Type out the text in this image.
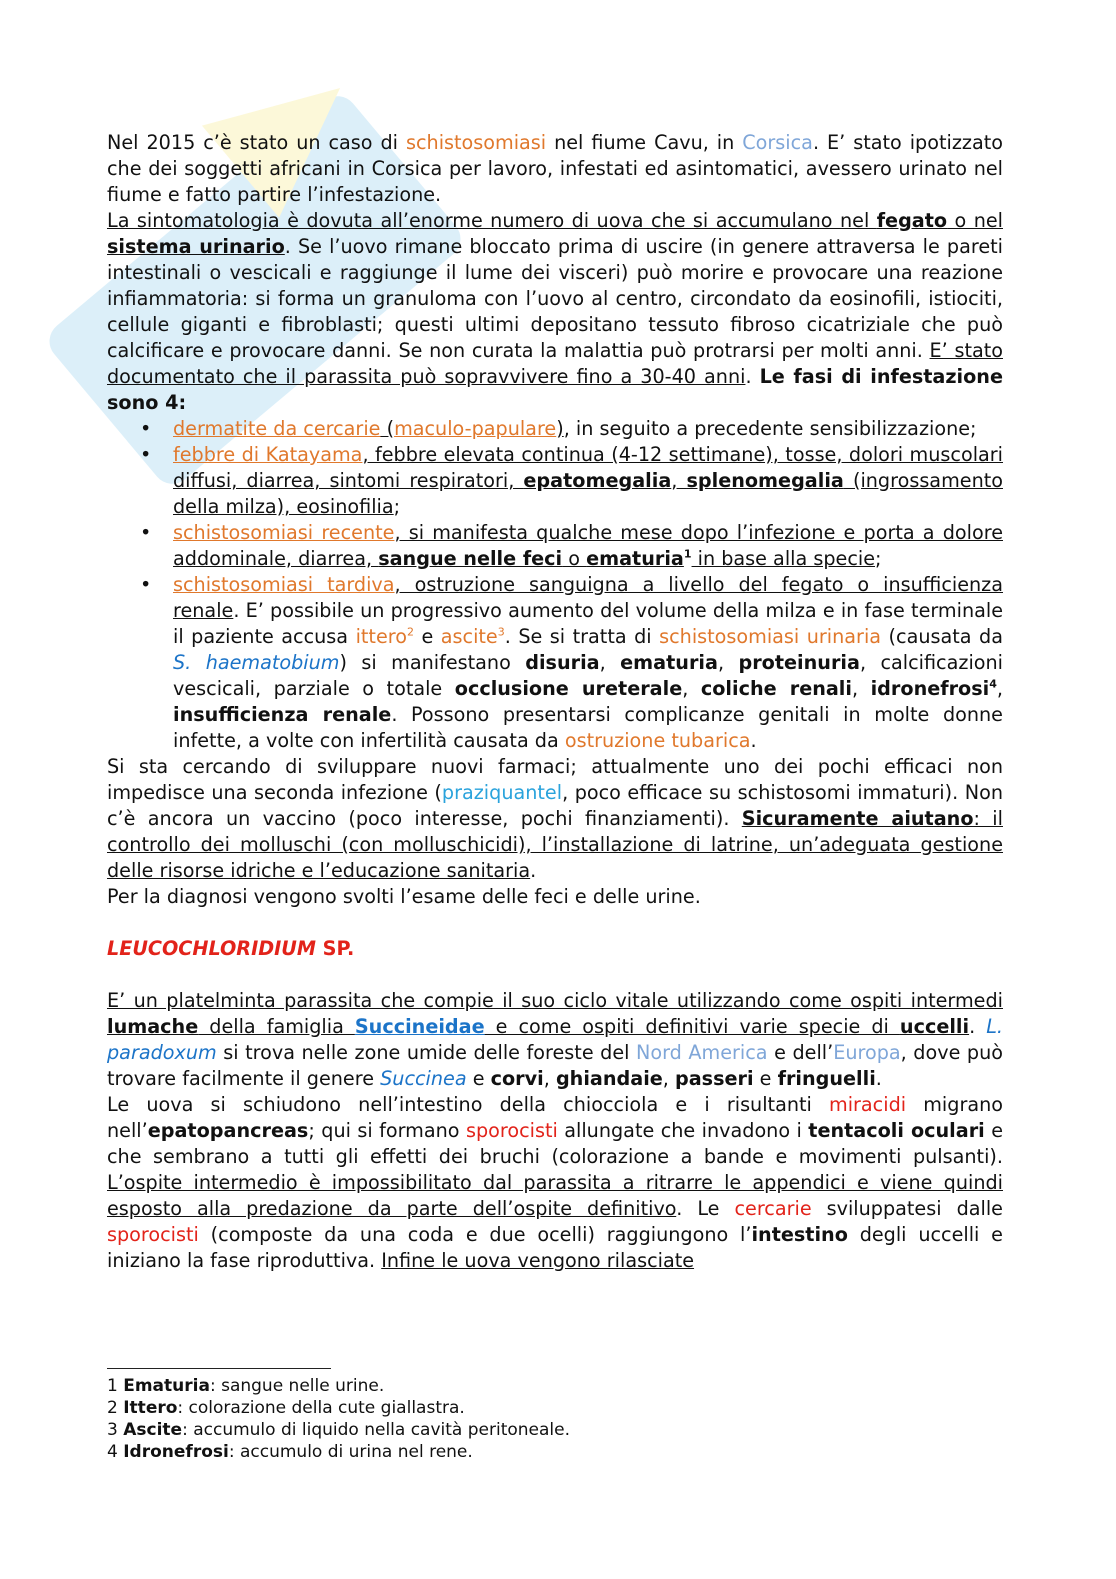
Nel 2015 c’è stato un caso di schistosomiasi nel fiume Cavu, in Corsica. E’ stato ipotizzato che dei soggetti africani in Corsica per lavoro, infestati ed asintomatici, avessero urinato nel fiume e fatto partire l’infestazione.

La sintomatologia è dovuta all’enorme numero di uova che si accumulano nel fegato o nel sistema urinario. Se l’uovo rimane bloccato prima di uscire (in genere attraversa le pareti intestinali o vescicali e raggiunge il lume dei visceri) può morire e provocare una reazione infiammatoria: si forma un granuloma con l’uovo al centro, circondato da eosinofili, istiociti, cellule giganti e fibroblasti; questi ultimi depositano tessuto fibroso cicatriziale che può calcificare e provocare danni. Se non curata la malattia può protrarsi per molti anni. E’ stato documentato che il parassita può sopravvivere fino a 30-40 anni. Le fasi di infestazione sono 4:

• dermatite da cercarie (maculo-papulare), in seguito a precedente sensibilizzazione;
• febbre di Katayama, febbre elevata continua (4-12 settimane), tosse, dolori muscolari diffusi, diarrea, sintomi respiratori, epatomegalia, splenomegalia (ingrossamento della milza), eosinofilia;
• schistosomiasi recente, si manifesta qualche mese dopo l’infezione e porta a dolore addominale, diarrea, sangue nelle feci o ematuria$^1$ in base alla specie;
• schistosomiasi tardiva, ostruzione sanguigna a livello del fegato o insufficienza renale. E’ possibile un progressivo aumento del volume della milza e in fase terminale il paziente accusa ittero$^2$ e ascite$^3$. Se si tratta di schistosomiasi urinaria (causata da S. haematobium) si manifestano disuria, ematuria, proteinuria, calcificazioni vescicali, parziale o totale occlusione ureterale, coliche renali, idronefrosi$^4$, insufficienza renale. Possono presentarsi complicanze genitali in molte donne infette, a volte con infertilità causata da ostruzione tubarica.

Si sta cercando di sviluppare nuovi farmaci; attualmente uno dei pochi efficaci non impedisce una seconda infezione (praziquantel, poco efficace su schistosomi immaturi). Non c’è ancora un vaccino (poco interesse, pochi finanziamenti). Sicuramente aiutano: il controllo dei molluschi (con molluschicidi), l’installazione di latrine, un’adeguata gestione delle risorse idriche e l’educazione sanitaria.

Per la diagnosi vengono svolti l’esame delle feci e delle urine.

LEUCOCHLORIDIUM SP.

E’ un platelminta parassita che compie il suo ciclo vitale utilizzando come ospiti intermedi lumache della famiglia Succineidae e come ospiti definitivi varie specie di uccelli. L. paradoxum si trova nelle zone umide delle foreste del Nord America e dell’Europa, dove può trovare facilmente il genere Succinea e corvi, ghiandaie, passeri e fringuelli.

Le uova si schiudono nell’intestino della chiocciola e i risultanti miracidi migrano nell’epatopancreas; qui si formano sporocisti allungate che invadono i tentacoli oculari e che sembrano a tutti gli effetti dei bruchi (colorazione a bande e movimenti pulsanti). L’ospite intermedio è impossibilitato dal parassita a ritrarre le appendici e viene quindi esposto alla predazione da parte dell’ospite definitivo. Le cercarie sviluppatesi dalle sporocisti (composte da una coda e due ocelli) raggiungono l’intestino degli uccelli e iniziano la fase riproduttiva. Infine le uova vengono rilasciate

1 Ematuria: sangue nelle urine.
2 Ittero: colorazione della cute giallastra.
3 Ascite: accumulo di liquido nella cavità peritoneale.
4 Idronefrosi: accumulo di urina nel rene.
